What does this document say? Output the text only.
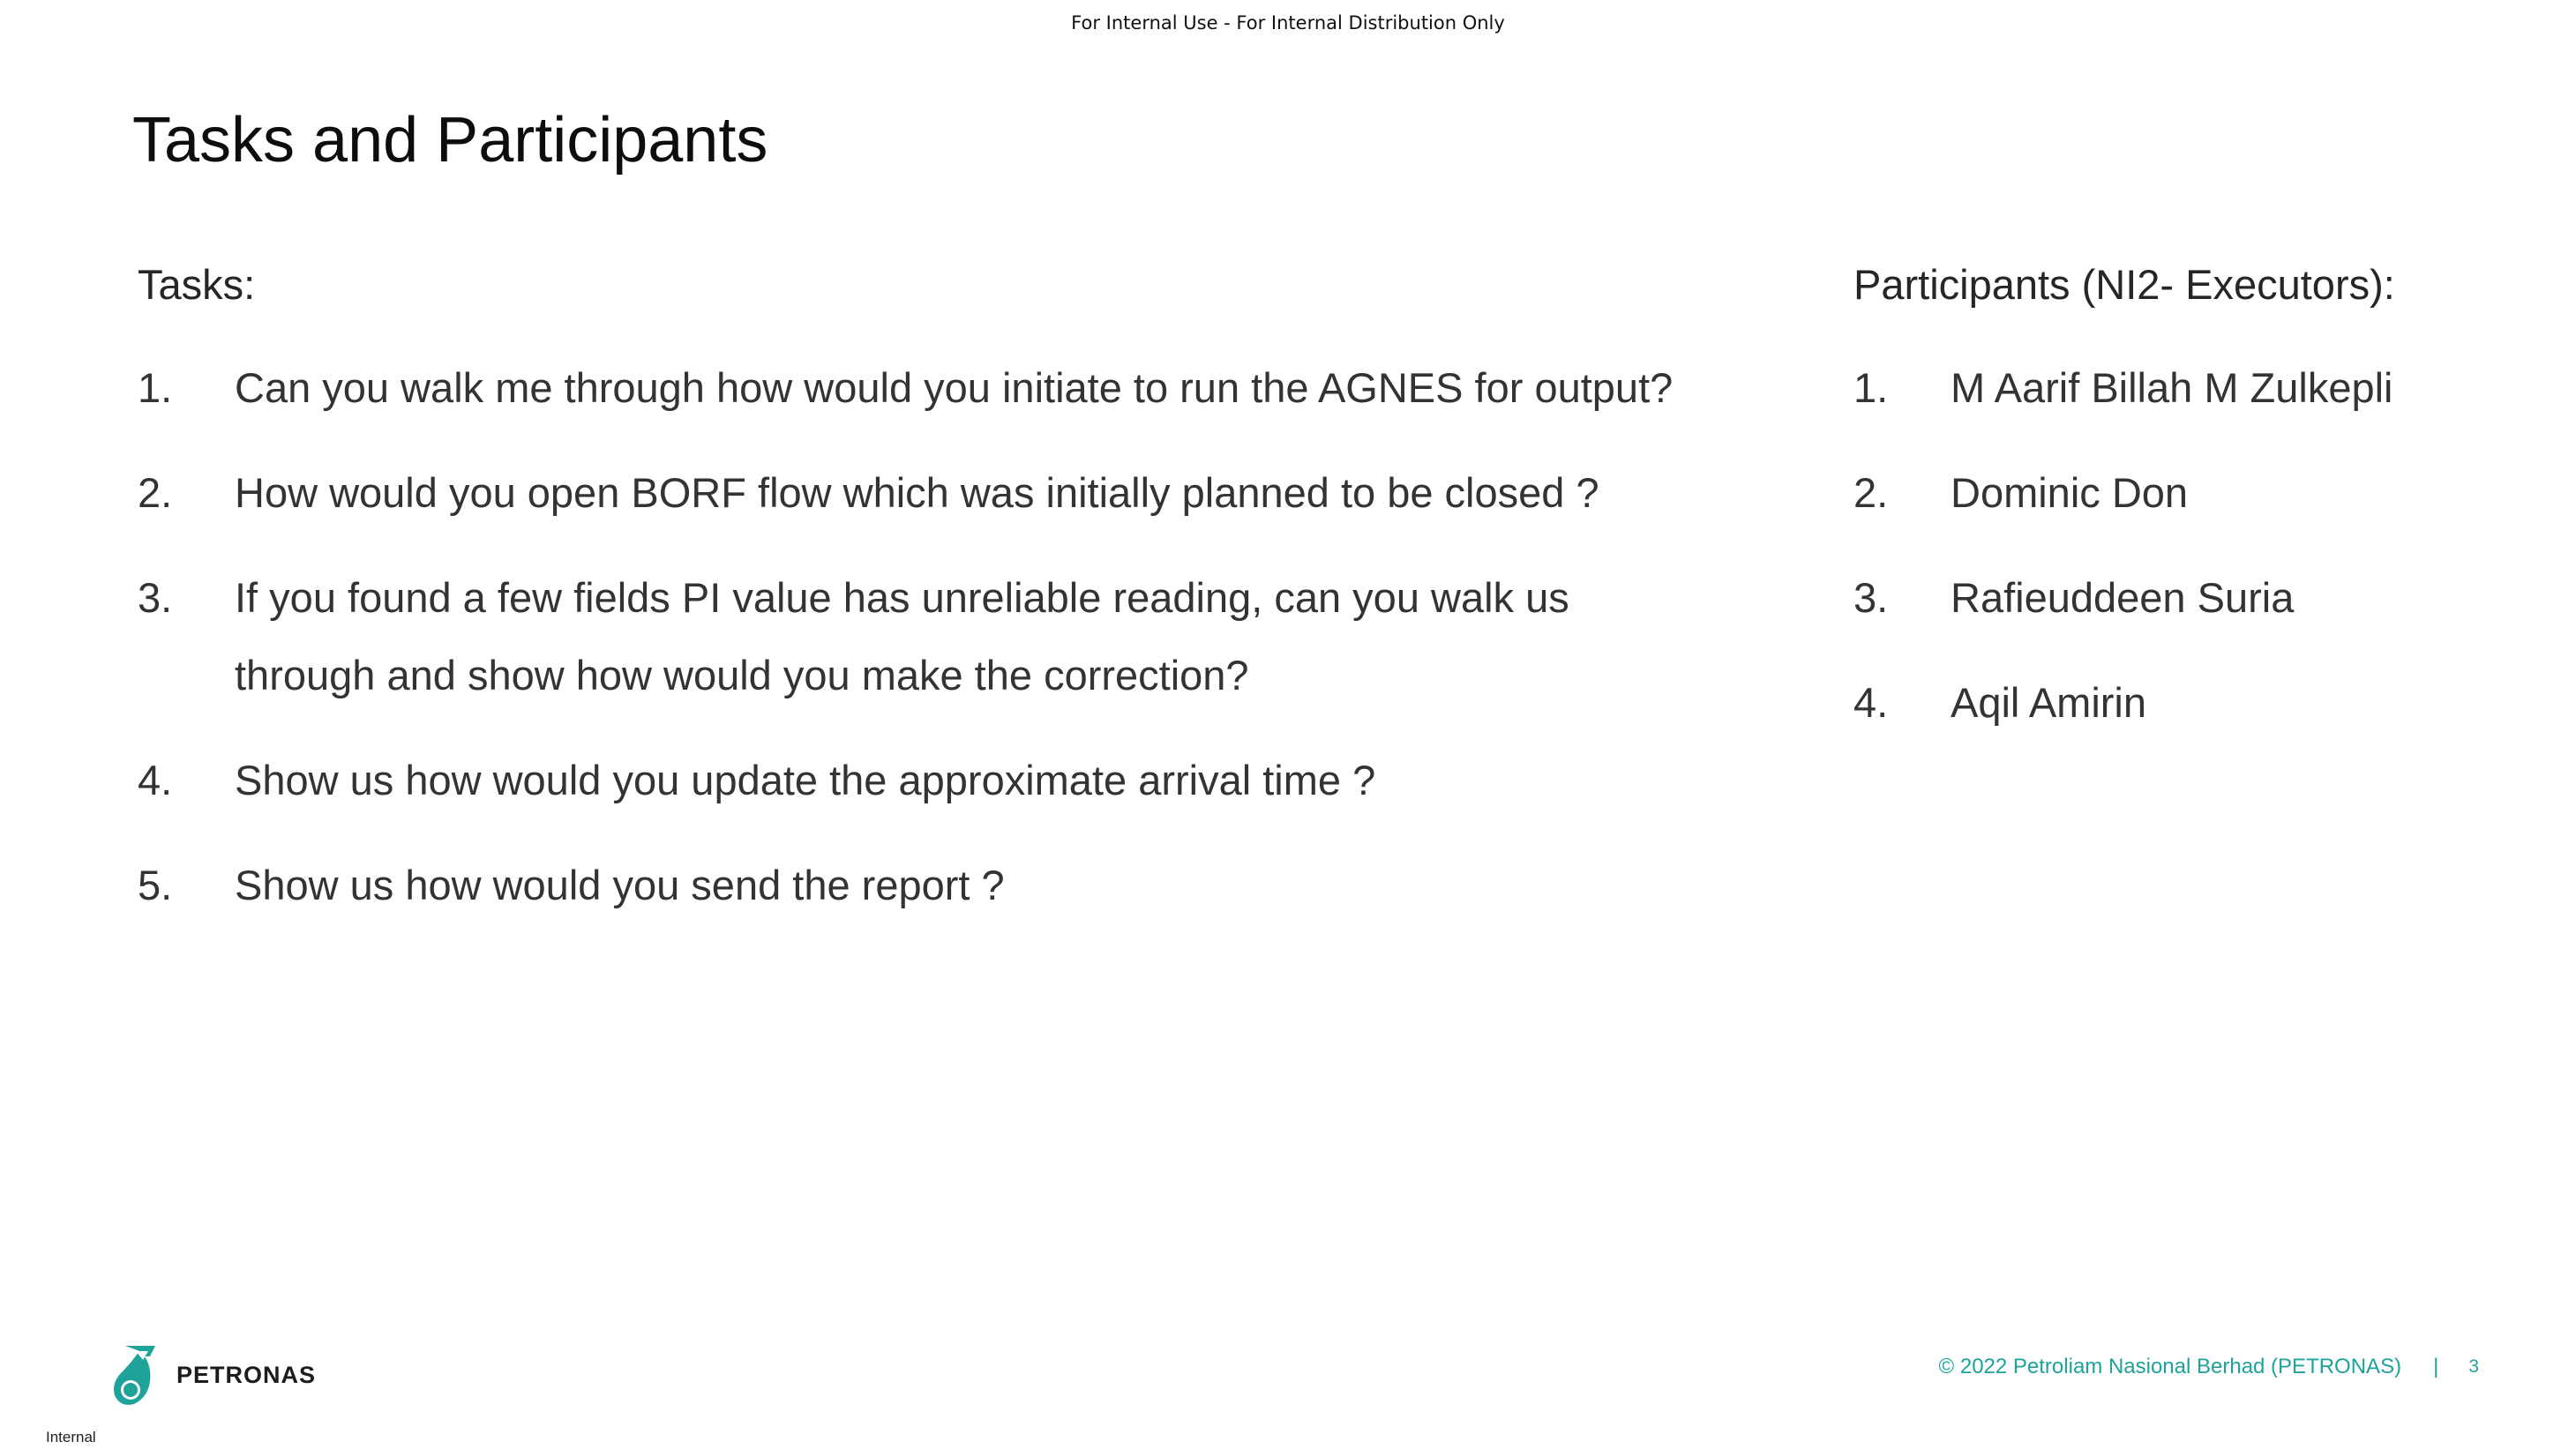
For Internal Use - For Internal Distribution Only
Tasks and Participants
Tasks:
1. Can you walk me through how would you initiate to run the AGNES for output?
2. How would you open BORF flow which was initially planned to be closed ?
3. If you found a few fields PI value has unreliable reading, can you walk us
through and show how would you make the correction?
4. Show us how would you update the approximate arrival time ?
5. Show us how would you send the report ?
Participants (NI2- Executors):
1. M Aarif Billah M Zulkepli
2. Dominic Don
3. Rafieuddeen Suria
4. Aqil Amirin
PETRONAS
Internal
© 2022 Petroliam Nasional Berhad (PETRONAS) | 3
